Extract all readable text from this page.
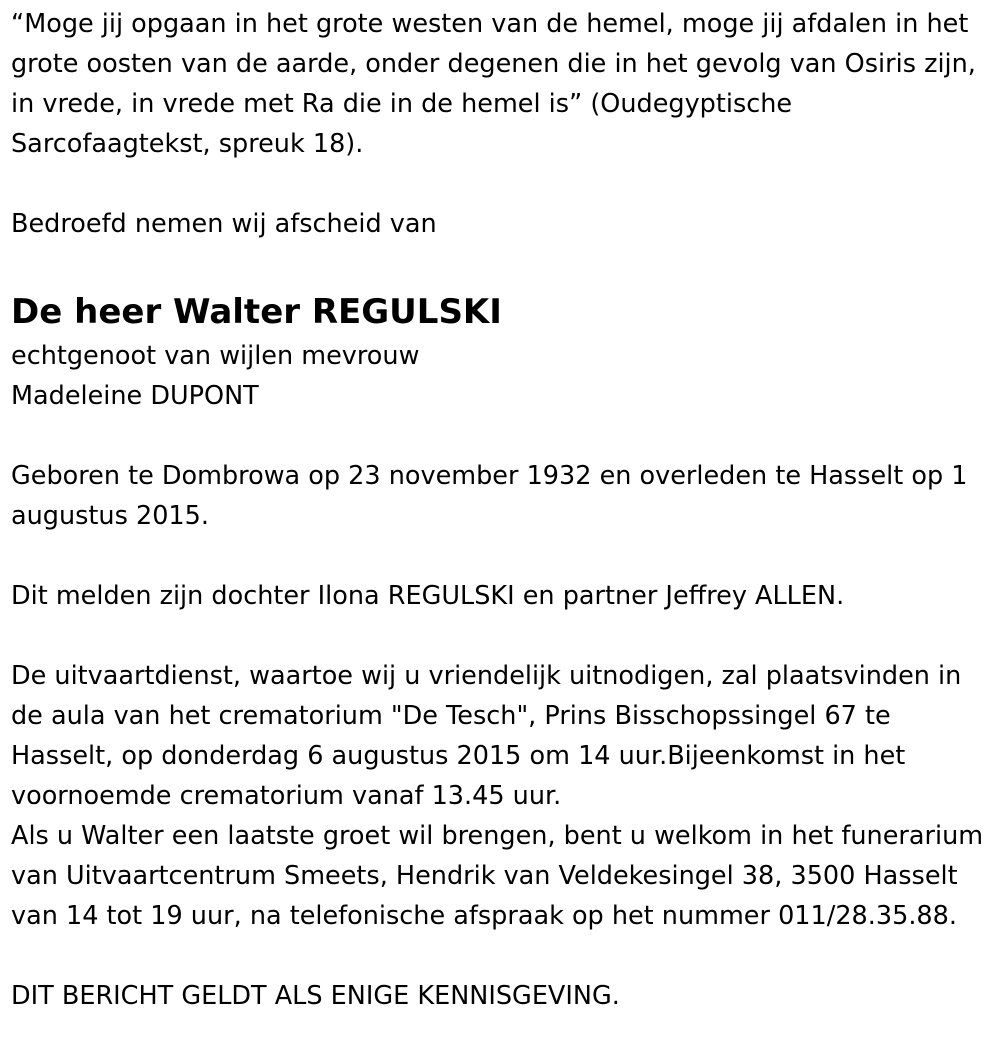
“Moge jij opgaan in het grote westen van de hemel, moge jij afdalen in het grote oosten van de aarde, onder degenen die in het gevolg van Osiris zijn, in vrede, in vrede met Ra die in de hemel is” (Oudegyptische Sarcofaagtekst, spreuk 18).

Bedroefd nemen wij afscheid van

De heer Walter REGULSKI

echtgenoot van wijlen mevrouw

Madeleine DUPONT

Geboren te Dombrowa op 23 november 1932 en overleden te Hasselt op 1 augustus 2015.

Dit melden zijn dochter Ilona REGULSKI en partner Jeffrey ALLEN.

De uitvaartdienst, waartoe wij u vriendelijk uitnodigen, zal plaatsvinden in de aula van het crematorium "De Tesch", Prins Bisschopssingel 67 te Hasselt, op donderdag 6 augustus 2015 om 14 uur.Bijeenkomst in het voornoemde crematorium vanaf 13.45 uur.

Als u Walter een laatste groet wil brengen, bent u welkom in het funerarium van Uitvaartcentrum Smeets, Hendrik van Veldekesingel 38, 3500 Hasselt van 14 tot 19 uur, na telefonische afspraak op het nummer 011/28.35.88.

DIT BERICHT GELDT ALS ENIGE KENNISGEVING.
